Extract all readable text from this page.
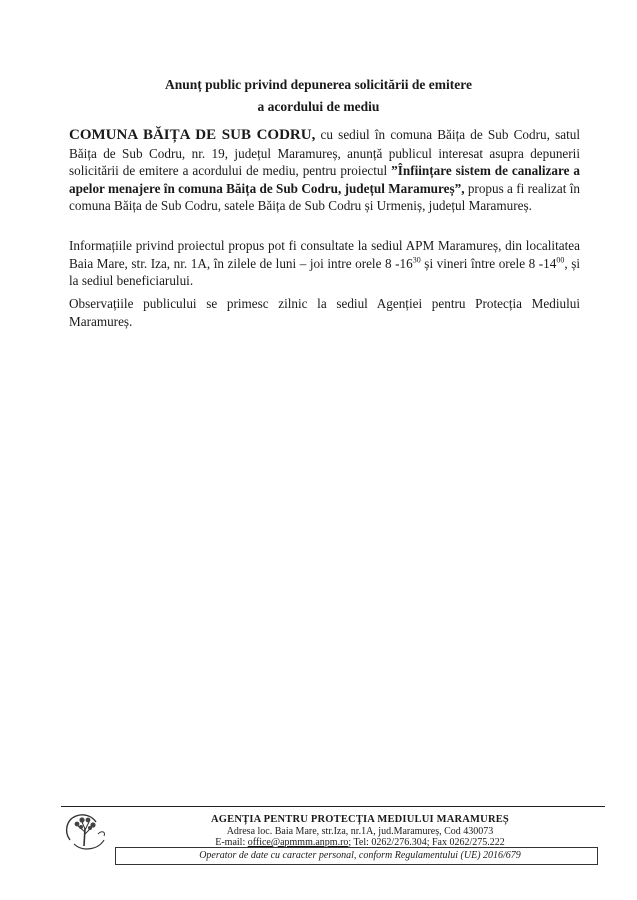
Anunț public privind depunerea solicitării de emitere
a acordului de mediu

COMUNA BĂIȚA DE SUB CODRU, cu sediul în comuna Băița de Sub Codru, satul Băița de Sub Codru, nr. 19, județul Maramureș, anunță publicul interesat asupra depunerii solicitării de emitere a acordului de mediu, pentru proiectul ”Înființare sistem de canalizare a apelor menajere în comuna Băița de Sub Codru, județul Maramureș”, propus a fi realizat în comuna Băița de Sub Codru, satele Băița de Sub Codru și Urmeniș, județul Maramureș.

Informațiile privind proiectul propus pot fi consultate la sediul APM Maramureș, din localitatea Baia Mare, str. Iza, nr. 1A, în zilele de luni – joi intre orele 8 $-16^{30}$ și vineri între orele 8 $-14^{00}$, și la sediul beneficiarului.

Observațiile publicului se primesc zilnic la sediul Agenției pentru Protecția Mediului Maramureș.

AGENȚIA PENTRU PROTECȚIA MEDIULUI MARAMUREȘ
Adresa loc. Baia Mare, str.Iza, nr.1A, jud.Maramureș, Cod 430073
E-mail: office@apmmm.anpm.ro; Tel: 0262/276.304; Fax 0262/275.222
Operator de date cu caracter personal, conform Regulamentului (UE) 2016/679
